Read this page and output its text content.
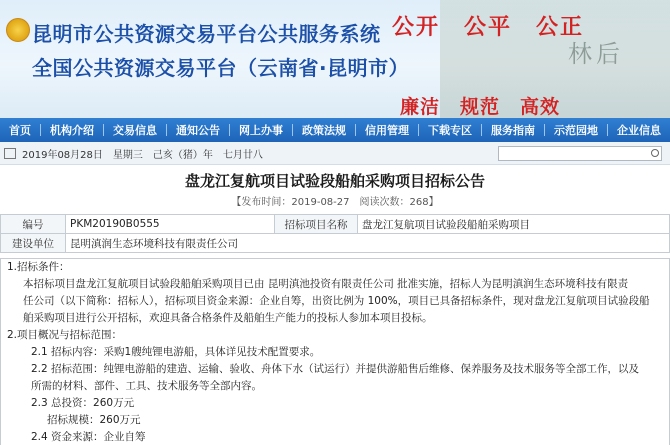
林后
昆明市公共资源交易平台公共服务系统
全国公共资源交易平台（云南省·昆明市）
公开　公平　公正
廉洁　规范　高效
首页	机构介绍	交易信息	通知公告	网上办事	政策法规	信用管理	下载专区	服务指南	示范园地	企业信息
2019年08月28日　星期三　己亥（猪）年　七月廿八
盘龙江复航项目试验段船舶采购项目招标公告
【发布时间：2019-08-27　阅读次数：268】
编号	PKM20190B0555	招标项目名称	盘龙江复航项目试验段船舶采购项目
建设单位	昆明滇润生态环境科技有限责任公司		

1.招标条件：

本招标项目盘龙江复航项目试验段船舶采购项目已由 昆明滇池投资有限责任公司 批准实施，招标人为昆明滇润生态环境科技有限责

任公司（以下简称：招标人），招标项目资金来源：企业自筹，出资比例为 100%，项目已具备招标条件，现对盘龙江复航项目试验段船

舶采购项目进行公开招标，欢迎具备合格条件及船舶生产能力的投标人参加本项目投标。

2.项目概况与招标范围：

2.1 招标内容：采购1艘纯锂电游船，具体详见技术配置要求。

2.2 招标范围：纯锂电游船的建造、运输、验收、舟体下水（试运行）并提供游船售后维修、保养服务及技术服务等全部工作，以及

所需的材料、部件、工具、技术服务等全部内容。

2.3 总投资：260万元

招标规模：260万元

2.4 资金来源：企业自筹
